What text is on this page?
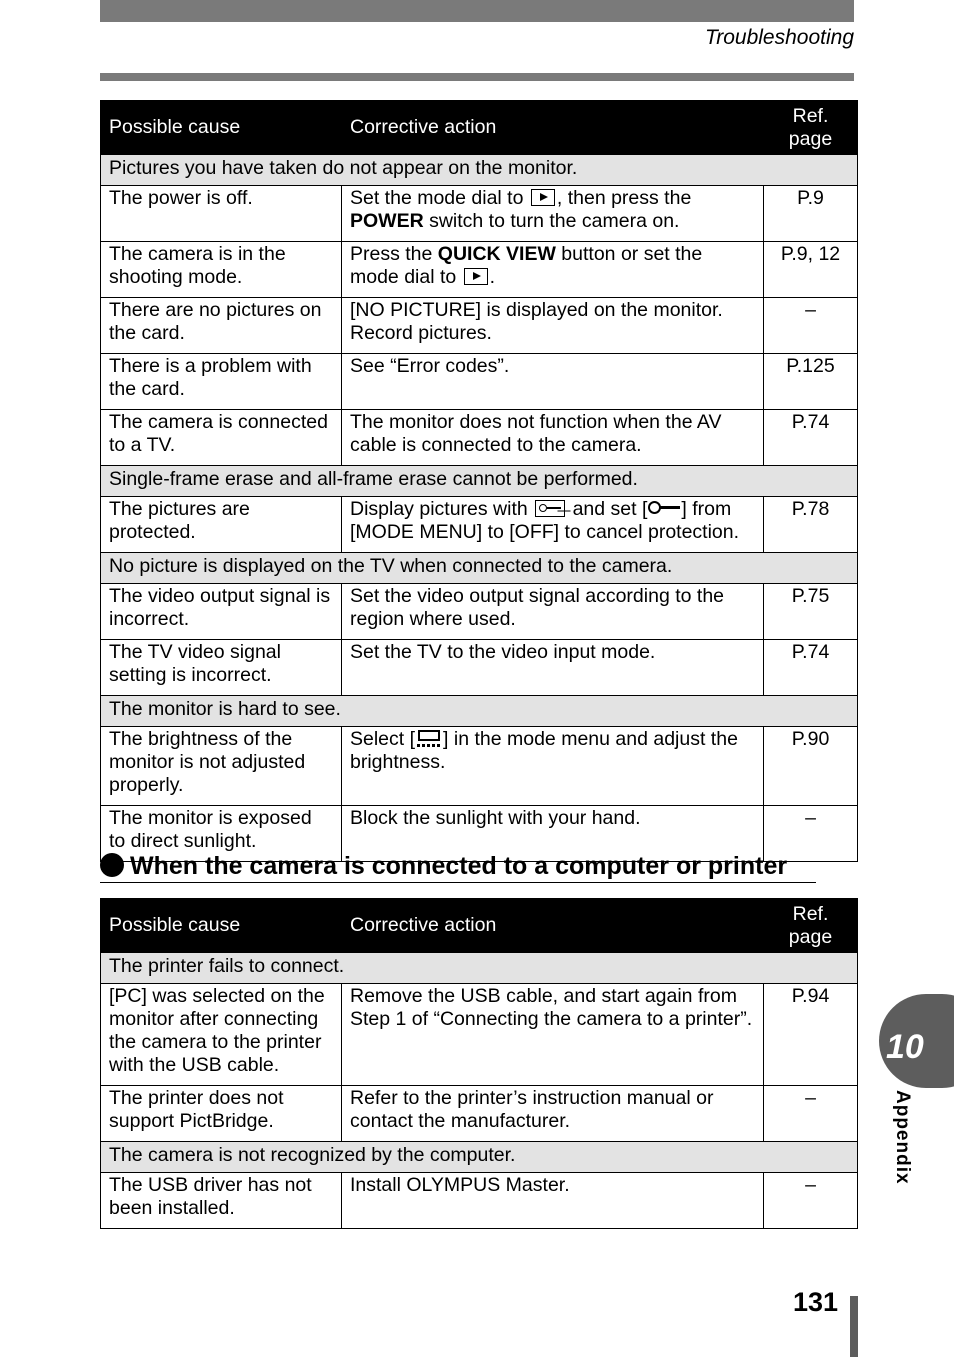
Troubleshooting
Possible cause	Corrective action	Ref. page
Pictures you have taken do not appear on the monitor.		
The power is off.	Set the mode dial to , then press the POWER switch to turn the camera on.	P.9
The camera is in the shooting mode.	Press the QUICK VIEW button or set the mode dial to .	P.9, 12
There are no pictures on the card.	[NO PICTURE] is displayed on the monitor. Record pictures.	–
There is a problem with the card.	See “Error codes”.	P.125
The camera is connected to a TV.	The monitor does not function when the AV cable is connected to the camera.	P.74
Single-frame erase and all-frame erase cannot be performed.		
The pictures are protected.	Display pictures with  and set [ ] from [MODE MENU] to [OFF] to cancel protection.	P.78
No picture is displayed on the TV when connected to the camera.		
The video output signal is incorrect.	Set the video output signal according to the region where used.	P.75
The TV video signal setting is incorrect.	Set the TV to the video input mode.	P.74
The monitor is hard to see.		
The brightness of the monitor is not adjusted properly.	Select [ ] in the mode menu and adjust the brightness.	P.90
The monitor is exposed to direct sunlight.	Block the sunlight with your hand.	–
When the camera is connected to a computer or printer
Possible cause	Corrective action	Ref. page
The printer fails to connect.		
[PC] was selected on the monitor after connecting the camera to the printer with the USB cable.	Remove the USB cable, and start again from Step 1 of “Connecting the camera to a printer”.	P.94
The printer does not support PictBridge.	Refer to the printer’s instruction manual or contact the manufacturer.	–
The camera is not recognized by the computer.		
The USB driver has not been installed.	Install OLYMPUS Master.	–
10
Appendix
131
